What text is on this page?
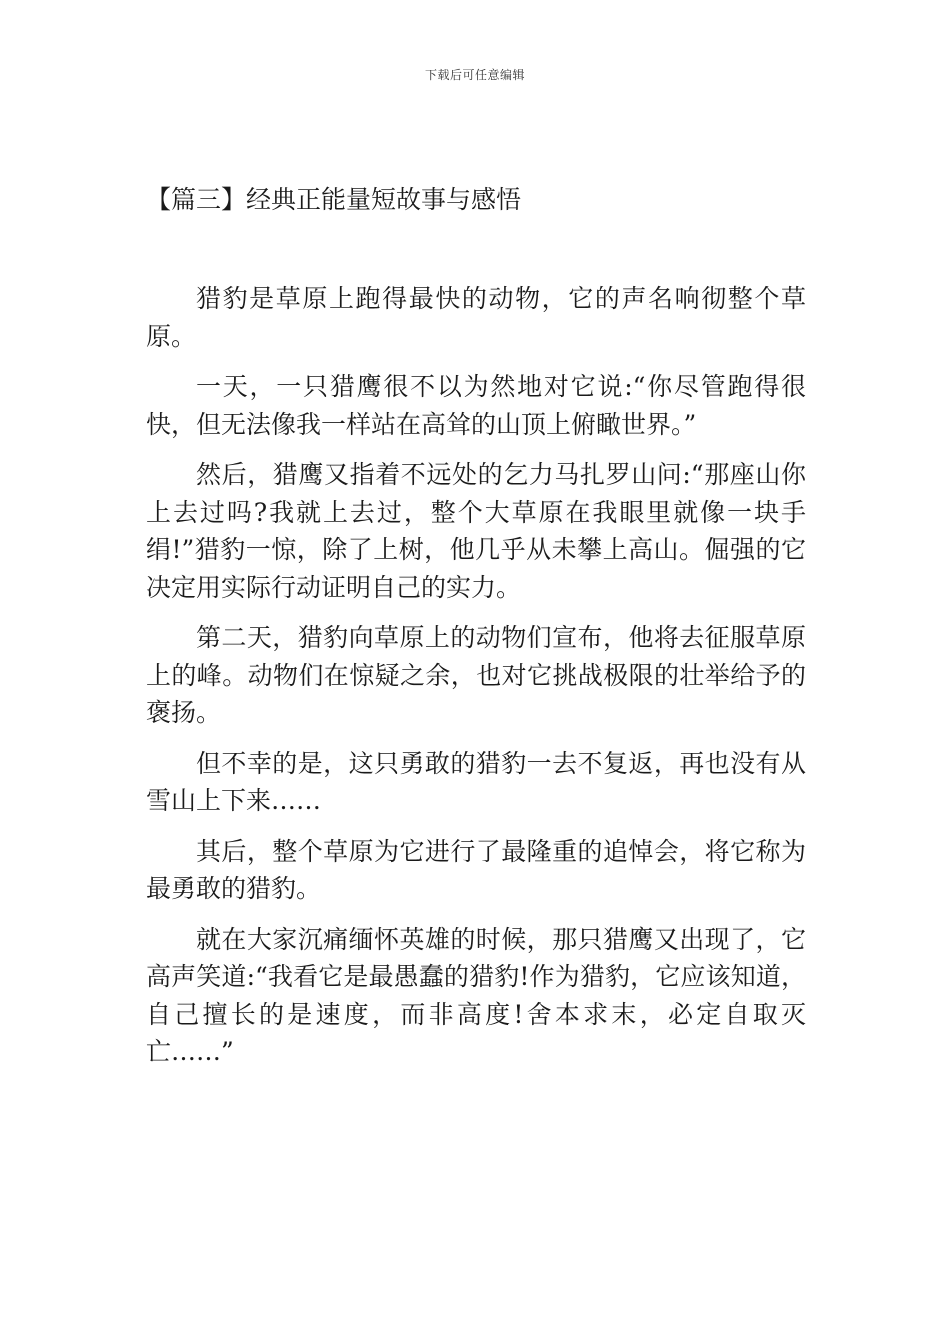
下载后可任意编辑
【篇三】经典正能量短故事与感悟

猎豹是草原上跑得最快的动物，它的声名响彻整个草原。

一天，一只猎鹰很不以为然地对它说:“你尽管跑得很快，但无法像我一样站在高耸的山顶上俯瞰世界。”

然后，猎鹰又指着不远处的乞力马扎罗山问:“那座山你上去过吗?我就上去过，整个大草原在我眼里就像一块手绢!”猎豹一惊，除了上树，他几乎从未攀上高山。倔强的它决定用实际行动证明自己的实力。

第二天，猎豹向草原上的动物们宣布，他将去征服草原上的峰。动物们在惊疑之余，也对它挑战极限的壮举给予的褒扬。

但不幸的是，这只勇敢的猎豹一去不复返，再也没有从雪山上下来……

其后，整个草原为它进行了最隆重的追悼会，将它称为最勇敢的猎豹。

就在大家沉痛缅怀英雄的时候，那只猎鹰又出现了，它高声笑道:“我看它是最愚蠢的猎豹!作为猎豹，它应该知道，自己擅长的是速度，而非高度!舍本求末，必定自取灭亡……”
